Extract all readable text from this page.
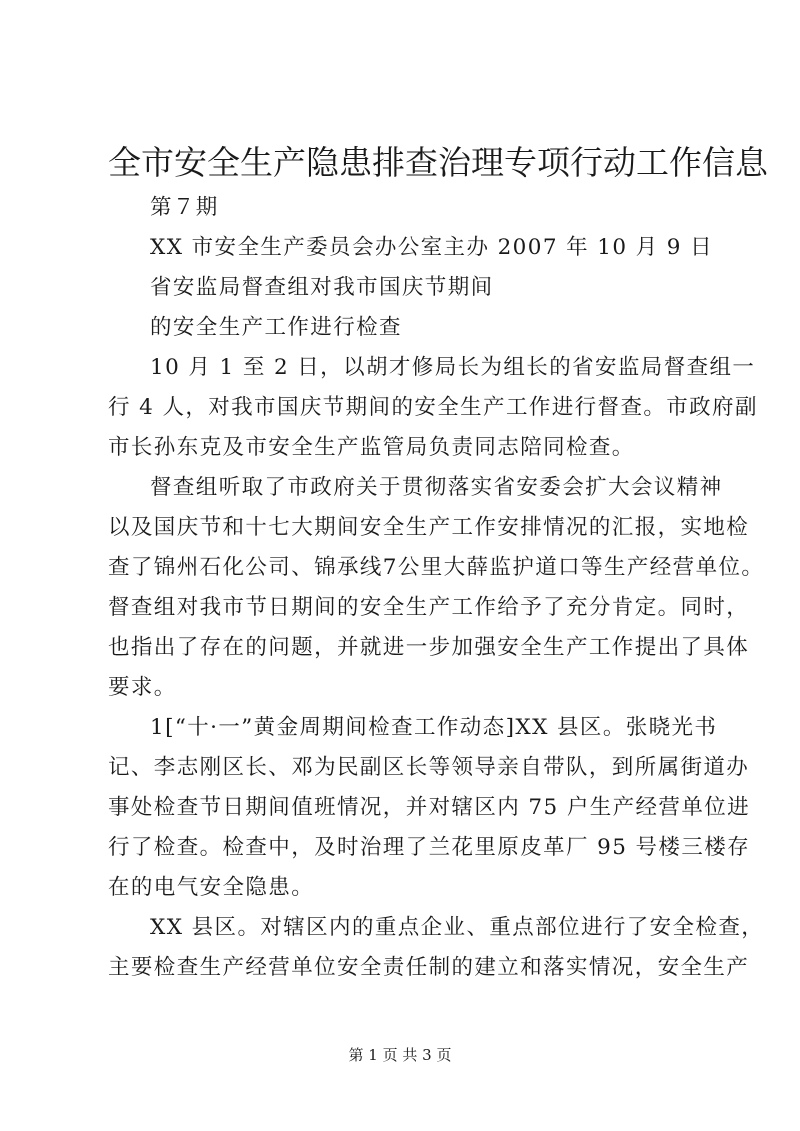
全市安全生产隐患排查治理专项行动工作信息
第７期
XX 市安全生产委员会办公室主办 2007 年 10 月 9 日
省安监局督查组对我市国庆节期间
的安全生产工作进行检查
10 月 1 至 2 日，以胡才修局长为组长的省安监局督查组一
行 4 人，对我市国庆节期间的安全生产工作进行督查。市政府副
市长孙东克及市安全生产监管局负责同志陪同检查。
督查组听取了市政府关于贯彻落实省安委会扩大会议精神
以及国庆节和十七大期间安全生产工作安排情况的汇报，实地检
查了锦州石化公司、锦承线7公里大薛监护道口等生产经营单位。
督查组对我市节日期间的安全生产工作给予了充分肯定。同时，
也指出了存在的问题，并就进一步加强安全生产工作提出了具体
要求。
1[“十·一”黄金周期间检查工作动态]XX 县区。张晓光书
记、李志刚区长、邓为民副区长等领导亲自带队，到所属街道办
事处检查节日期间值班情况，并对辖区内 75 户生产经营单位进
行了检查。检查中，及时治理了兰花里原皮革厂 95 号楼三楼存
在的电气安全隐患。
XX 县区。对辖区内的重点企业、重点部位进行了安全检查，
主要检查生产经营单位安全责任制的建立和落实情况，安全生产
第 1 页 共 3 页
